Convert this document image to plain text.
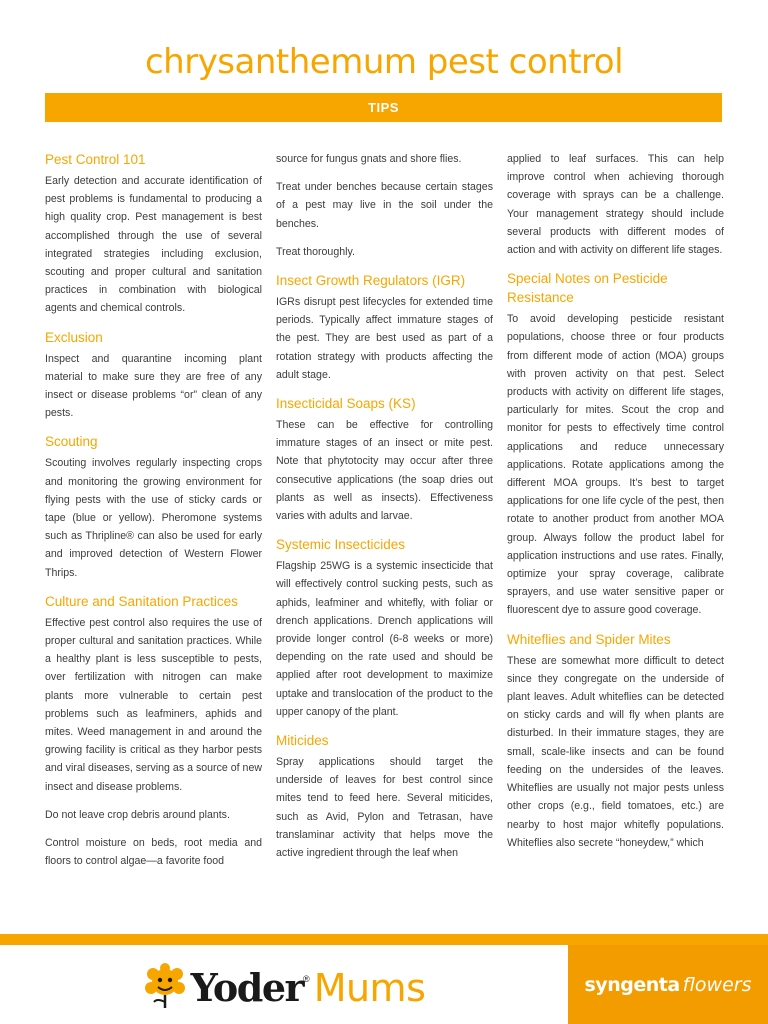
chrysanthemum pest control
TIPS
Pest Control 101

Early detection and accurate identification of pest problems is fundamental to producing a high quality crop. Pest management is best accomplished through the use of several integrated strategies including exclusion, scouting and proper cultural and sanitation practices in combination with biological agents and chemical controls.

Exclusion

Inspect and quarantine incoming plant material to make sure they are free of any insect or disease problems “or” clean of any pests.

Scouting

Scouting involves regularly inspecting crops and monitoring the growing environment for flying pests with the use of sticky cards or tape (blue or yellow). Pheromone systems such as Thripline® can also be used for early and improved detection of Western Flower Thrips.

Culture and Sanitation Practices

Effective pest control also requires the use of proper cultural and sanitation practices. While a healthy plant is less susceptible to pests, over fertilization with nitrogen can make plants more vulnerable to certain pest problems such as leafminers, aphids and mites. Weed management in and around the growing facility is critical as they harbor pests and viral diseases, serving as a source of new insect and disease problems.

Do not leave crop debris around plants.

Control moisture on beds, root media and floors to control algae—a favorite food

source for fungus gnats and shore flies.

Treat under benches because certain stages of a pest may live in the soil under the benches.

Treat thoroughly.

Insect Growth Regulators (IGR)

IGRs disrupt pest lifecycles for extended time periods. Typically affect immature stages of the pest. They are best used as part of a rotation strategy with products affecting the adult stage.

Insecticidal Soaps (KS)

These can be effective for controlling immature stages of an insect or mite pest. Note that phytotocity may occur after three consecutive applications (the soap dries out plants as well as insects). Effectiveness varies with adults and larvae.

Systemic Insecticides

Flagship 25WG is a systemic insecticide that will effectively control sucking pests, such as aphids, leafminer and whitefly, with foliar or drench applications. Drench applications will provide longer control (6-8 weeks or more) depending on the rate used and should be applied after root development to maximize uptake and translocation of the product to the upper canopy of the plant.

Miticides

Spray applications should target the underside of leaves for best control since mites tend to feed here. Several miticides, such as Avid, Pylon and Tetrasan, have translaminar activity that helps move the active ingredient through the leaf when

applied to leaf surfaces. This can help improve control when achieving thorough coverage with sprays can be a challenge. Your management strategy should include several products with different modes of action and with activity on different life stages.

Special Notes on Pesticide Resistance

To avoid developing pesticide resistant populations, choose three or four products from different mode of action (MOA) groups with proven activity on that pest. Select products with activity on different life stages, particularly for mites. Scout the crop and monitor for pests to effectively time control applications and reduce unnecessary applications. Rotate applications among the different MOA groups. It’s best to target applications for one life cycle of the pest, then rotate to another product from another MOA group. Always follow the product label for application instructions and use rates. Finally, optimize your spray coverage, calibrate sprayers, and use water sensitive paper or fluorescent dye to assure good coverage.

Whiteflies and Spider Mites

These are somewhat more difficult to detect since they congregate on the underside of plant leaves. Adult whiteflies can be detected on sticky cards and will fly when plants are disturbed. In their immature stages, they are small, scale-like insects and can be found feeding on the undersides of the leaves. Whiteflies are usually not major pests unless other crops (e.g., field tomatoes, etc.) are nearby to host major whitefly populations. Whiteflies also secrete “honeydew,” which

Yoder ® Mums	syngenta flowers
